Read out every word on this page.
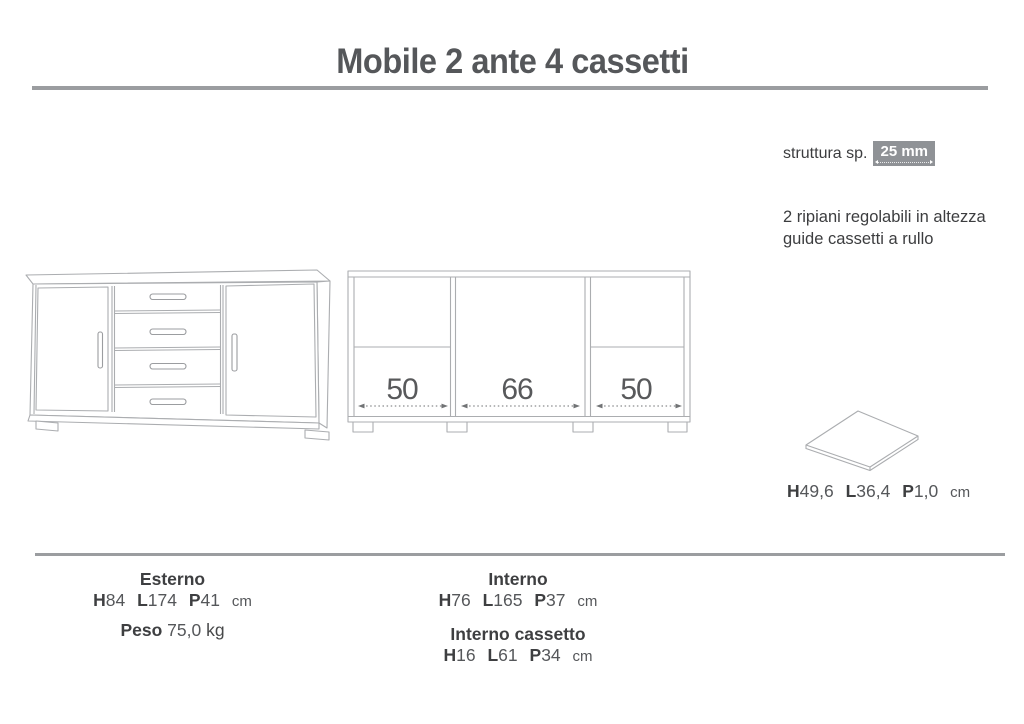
Mobile 2 ante 4 cassetti
struttura sp. 25 mm
2 ripiani regolabili in altezza
guide cassetti a rullo
50	66	50
H49,6 L36,4 P1,0 cm
Esterno
H84 L174 P41 cm
Peso 75,0 kg
Interno
H76 L165 P37 cm
Interno cassetto
H16 L61 P34 cm
